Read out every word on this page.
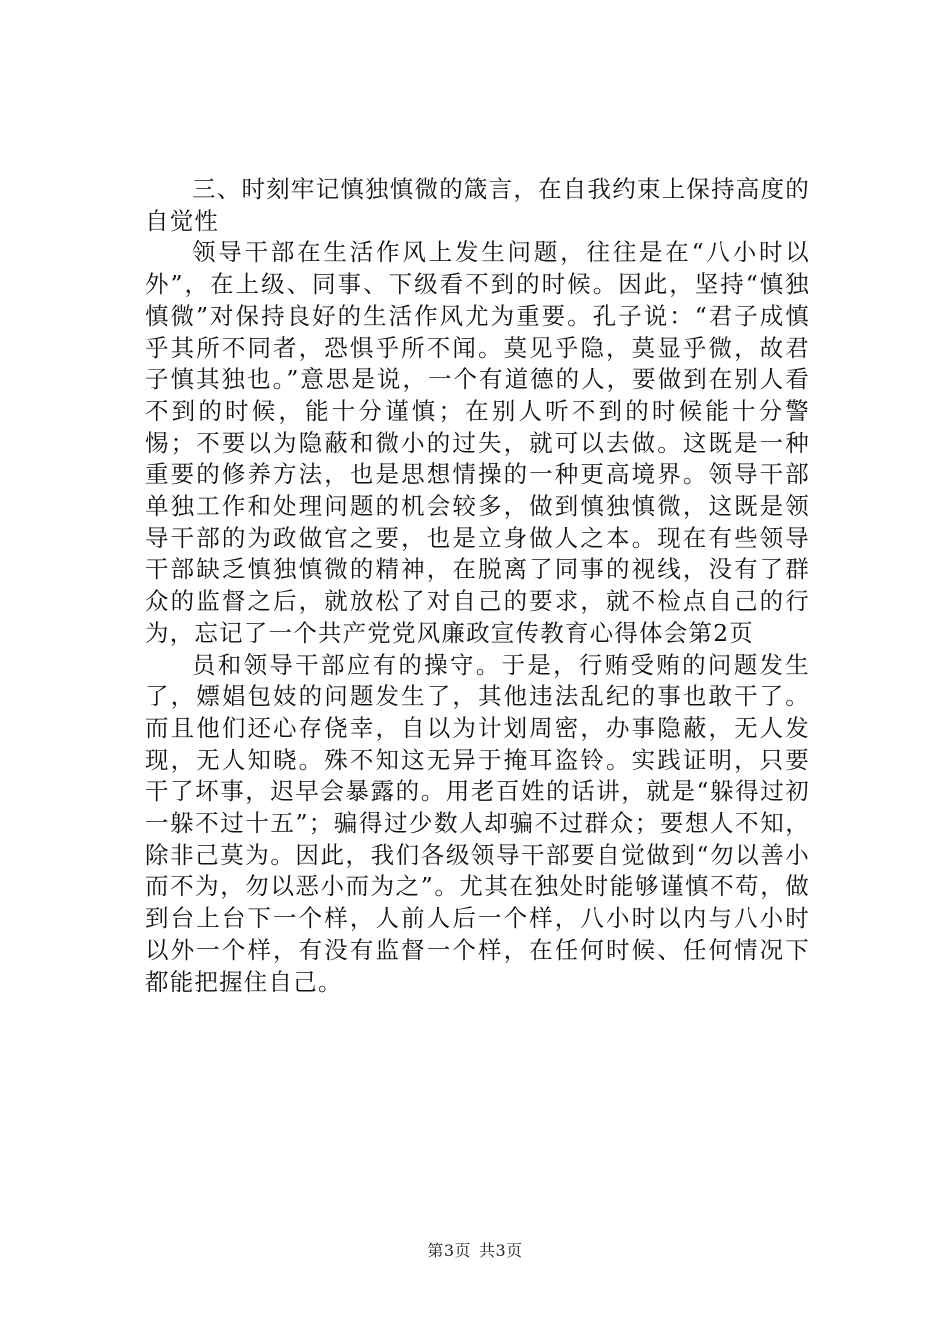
三、时刻牢记慎独慎微的箴言，在自我约束上保持高度的自觉性

领导干部在生活作风上发生问题，往往是在“八小时以外”，在上级、同事、下级看不到的时候。因此，坚持“慎独慎微”对保持良好的生活作风尤为重要。孔子说：“君子成慎乎其所不同者，恐惧乎所不闻。莫见乎隐，莫显乎微，故君子慎其独也。”意思是说，一个有道德的人，要做到在别人看不到的时候，能十分谨慎；在别人听不到的时候能十分警惕；不要以为隐蔽和微小的过失，就可以去做。这既是一种重要的修养方法，也是思想情操的一种更高境界。领导干部单独工作和处理问题的机会较多，做到慎独慎微，这既是领导干部的为政做官之要，也是立身做人之本。现在有些领导干部缺乏慎独慎微的精神，在脱离了同事的视线，没有了群众的监督之后，就放松了对自己的要求，就不检点自己的行为，忘记了一个共产党党风廉政宣传教育心得体会第2页

员和领导干部应有的操守。于是，行贿受贿的问题发生了，嫖娼包妓的问题发生了，其他违法乱纪的事也敢干了。而且他们还心存侥幸，自以为计划周密，办事隐蔽，无人发现，无人知晓。殊不知这无异于掩耳盗铃。实践证明，只要干了坏事，迟早会暴露的。用老百姓的话讲，就是“躲得过初一躲不过十五”；骗得过少数人却骗不过群众；要想人不知，除非己莫为。因此，我们各级领导干部要自觉做到“勿以善小而不为，勿以恶小而为之”。尤其在独处时能够谨慎不苟，做到台上台下一个样，人前人后一个样，八小时以内与八小时以外一个样，有没有监督一个样，在任何时候、任何情况下都能把握住自己。

第3页 共3页
